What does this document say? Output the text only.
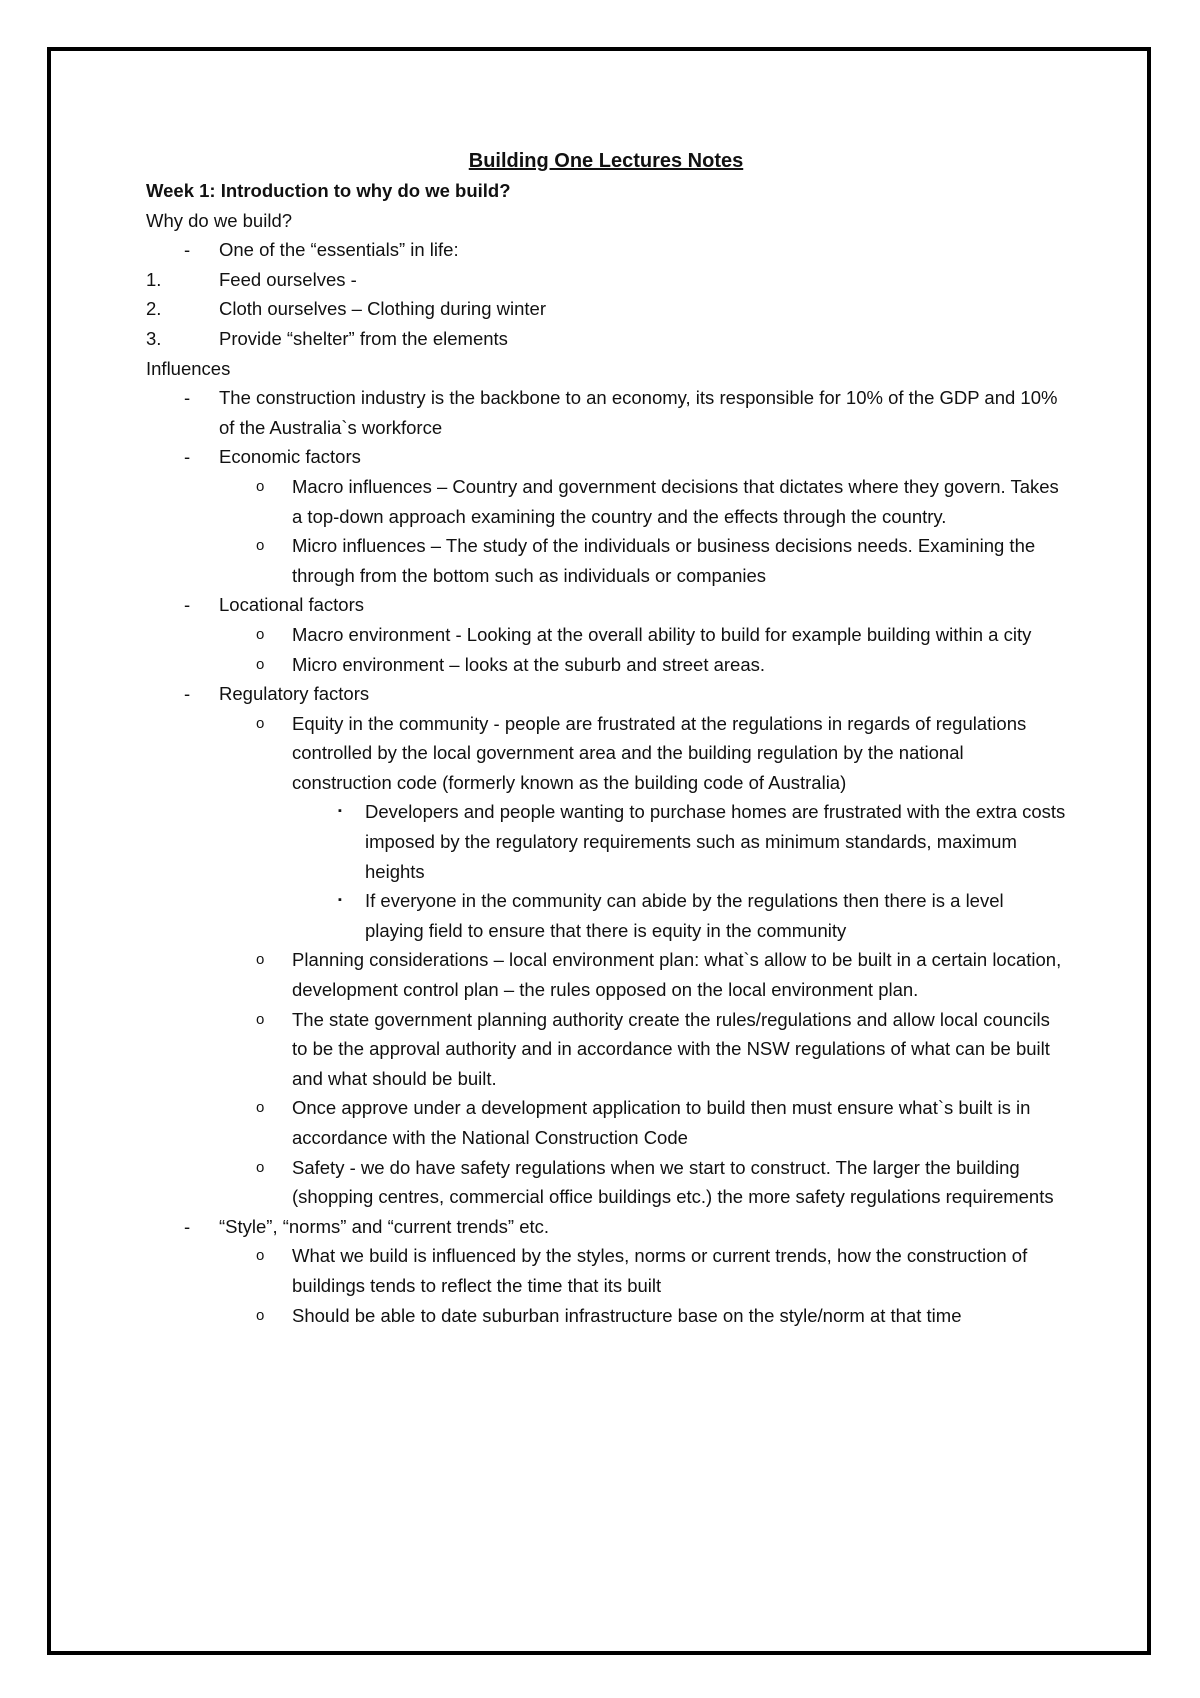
Building One Lectures Notes
Week 1: Introduction to why do we build?
Why do we build?
- One of the “essentials” in life:
1.	Feed ourselves -
2.	Cloth ourselves – Clothing during winter
3.	Provide “shelter” from the elements
Influences
- The construction industry is the backbone to an economy, its responsible for 10% of the GDP and 10% of the Australia`s workforce
- Economic factors
o Macro influences – Country and government decisions that dictates where they govern. Takes a top-down approach examining the country and the effects through the country.
o Micro influences – The study of the individuals or business decisions needs. Examining the through from the bottom such as individuals or companies
- Locational factors
o Macro environment - Looking at the overall ability to build for example building within a city
o Micro environment – looks at the suburb and street areas.
- Regulatory factors
o Equity in the community - people are frustrated at the regulations in regards of regulations controlled by the local government area and the building regulation by the national construction code (formerly known as the building code of Australia)
▪ Developers and people wanting to purchase homes are frustrated with the extra costs imposed by the regulatory requirements such as minimum standards, maximum heights
▪ If everyone in the community can abide by the regulations then there is a level playing field to ensure that there is equity in the community
o Planning considerations – local environment plan: what`s allow to be built in a certain location, development control plan – the rules opposed on the local environment plan.
o The state government planning authority create the rules/regulations and allow local councils to be the approval authority and in accordance with the NSW regulations of what can be built and what should be built.
o Once approve under a development application to build then must ensure what`s built is in accordance with the National Construction Code
o Safety - we do have safety regulations when we start to construct. The larger the building (shopping centres, commercial office buildings etc.) the more safety regulations requirements
- “Style”, “norms” and “current trends” etc.
o What we build is influenced by the styles, norms or current trends, how the construction of buildings tends to reflect the time that its built
o Should be able to date suburban infrastructure base on the style/norm at that time
